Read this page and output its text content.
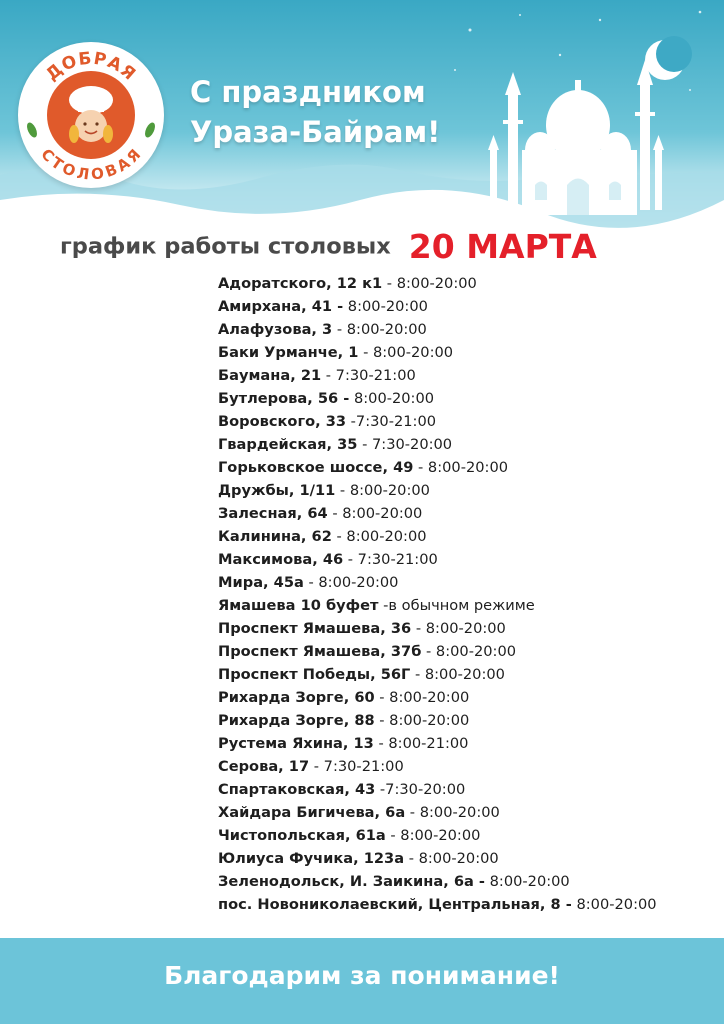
ДОБРАЯ
СТОЛОВАЯ
С праздником
Ураза-Байрам!
график работы столовых 20 МАРТА
Адоратского, 12 к1 - 8:00-20:00
Амирхана, 41 - 8:00-20:00
Алафузова, 3 - 8:00-20:00
Баки Урманче, 1 - 8:00-20:00
Баумана, 21 - 7:30-21:00
Бутлерова, 56 - 8:00-20:00
Воровского, 33 -7:30-21:00
Гвардейская, 35 - 7:30-20:00
Горьковское шоссе, 49 - 8:00-20:00
Дружбы, 1/11 - 8:00-20:00
Залесная, 64 - 8:00-20:00
Калинина, 62 - 8:00-20:00
Максимова, 46 - 7:30-21:00
Мира, 45а - 8:00-20:00
Ямашева 10 буфет -в обычном режиме
Проспект Ямашева, 36 - 8:00-20:00
Проспект Ямашева, 37б - 8:00-20:00
Проспект Победы, 56Г - 8:00-20:00
Рихарда Зорге, 60 - 8:00-20:00
Рихарда Зорге, 88 - 8:00-20:00
Рустема Яхина, 13 - 8:00-21:00
Серова, 17 - 7:30-21:00
Спартаковская, 43 -7:30-20:00
Хайдара Бигичева, 6а - 8:00-20:00
Чистопольская, 61а - 8:00-20:00
Юлиуса Фучика, 123а - 8:00-20:00
Зеленодольск, И. Заикина, 6а - 8:00-20:00
пос. Новониколаевский, Центральная, 8 - 8:00-20:00
Благодарим за понимание!
